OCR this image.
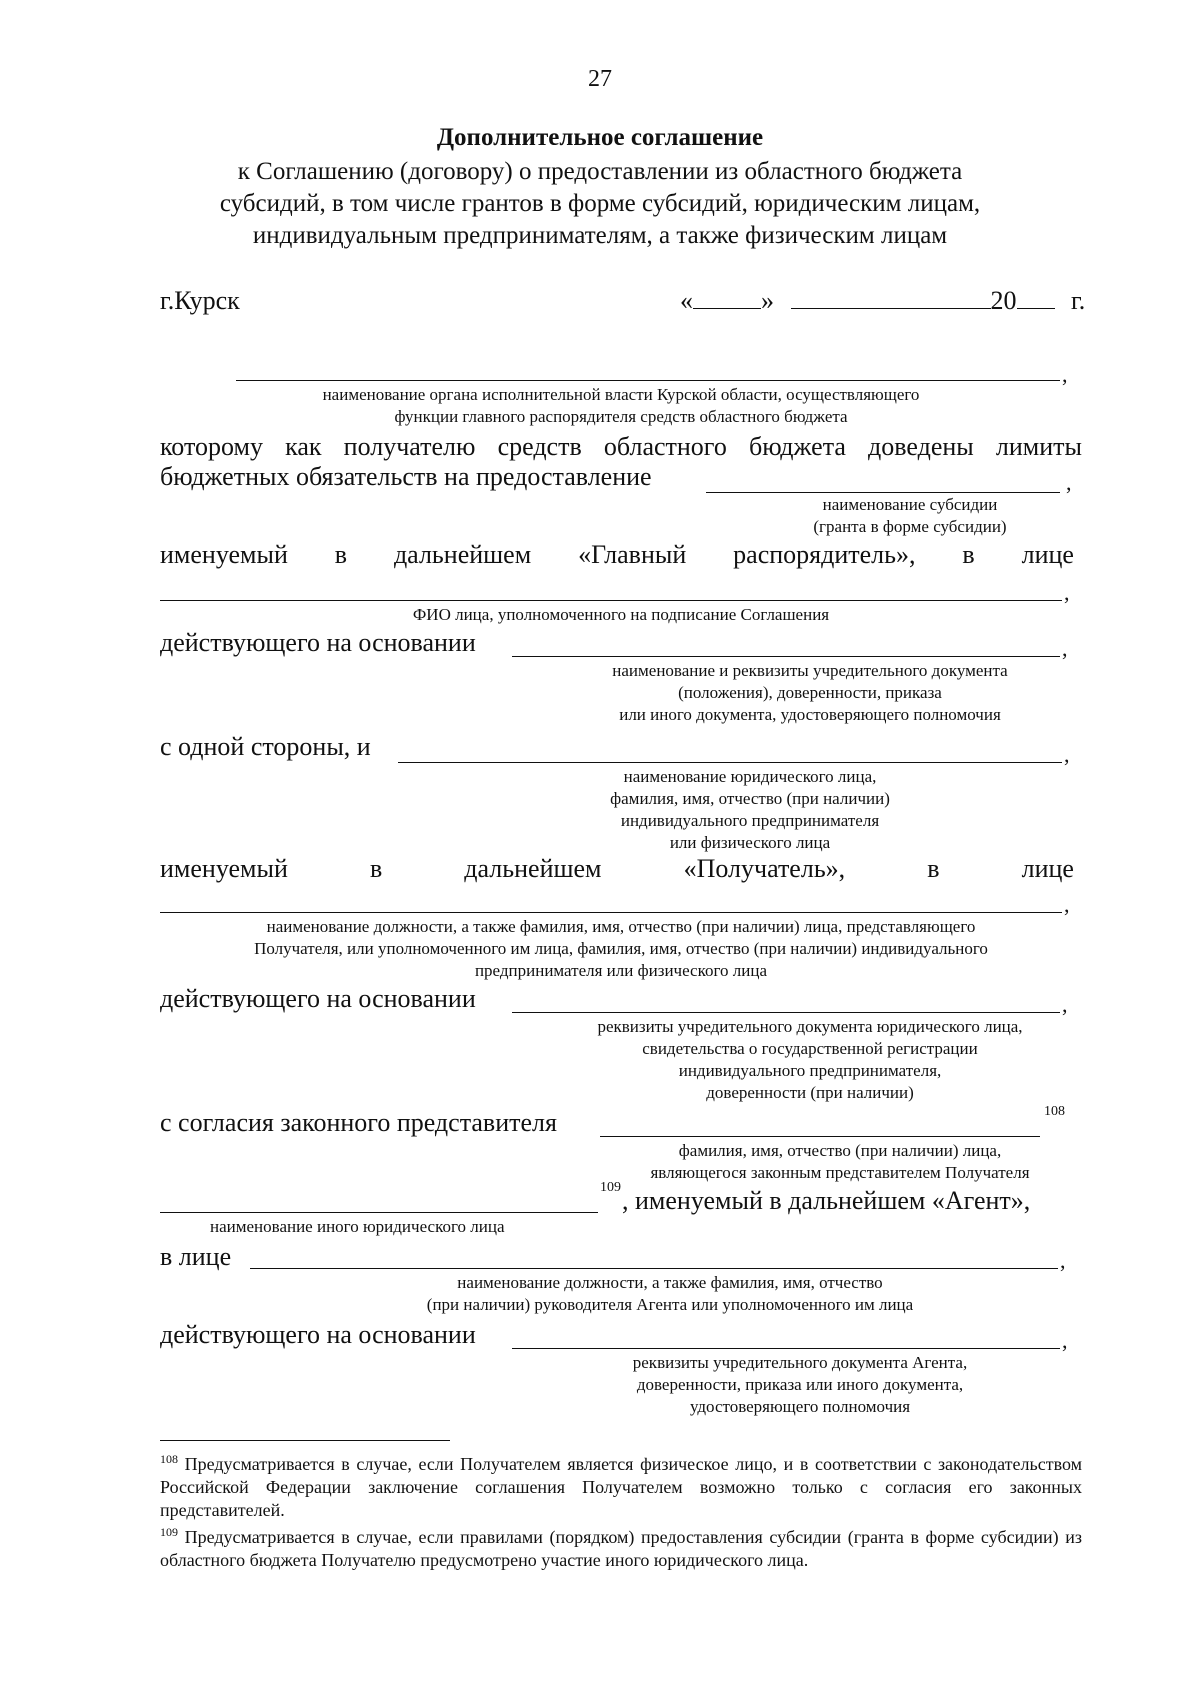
27
Дополнительное соглашение
к Соглашению (договору) о предоставлении из областного бюджета
субсидий, в том числе грантов в форме субсидий, юридическим лицам,
индивидуальным предпринимателям, а также физическим лицам
г.Курск	«	»	20 г.
,
наименование органа исполнительной власти Курской области, осуществляющего
функции главного распорядителя средств областного бюджета
которому как получателю средств областного бюджета доведены лимиты
бюджетных обязательств на предоставление	,
наименование субсидии
(гранта в форме субсидии)
именуемый в дальнейшем «Главный распорядитель», в лице
,
ФИО лица, уполномоченного на подписание Соглашения
действующего на основании	,
наименование и реквизиты учредительного документа
(положения), доверенности, приказа
или иного документа, удостоверяющего полномочия
с одной стороны, и	,
наименование юридического лица,
фамилия, имя, отчество (при наличии)
индивидуального предпринимателя
или физического лица
именуемый	в	дальнейшем	«Получатель»,	в	лице
,
наименование должности, а также фамилия, имя, отчество (при наличии) лица, представляющего
Получателя, или уполномоченного им лица, фамилия, имя, отчество (при наличии) индивидуального
предпринимателя или физического лица
действующего на основании	,
реквизиты учредительного документа юридического лица,
свидетельства о государственной регистрации
индивидуального предпринимателя,
доверенности (при наличии)
с согласия законного представителя	108
фамилия, имя, отчество (при наличии) лица,
являющегося законным представителем Получателя
109 , именуемый в дальнейшем «Агент»,
наименование иного юридического лица
в лице	,
наименование должности, а также фамилия, имя, отчество
(при наличии) руководителя Агента или уполномоченного им лица
действующего на основании	,
реквизиты учредительного документа Агента,
доверенности, приказа или иного документа,
удостоверяющего полномочия
$^{108}$ Предусматривается в случае, если Получателем является физическое лицо, и в соответствии с законодательством Российской Федерации заключение соглашения Получателем возможно только с согласия его законных представителей.
$^{109}$ Предусматривается в случае, если правилами (порядком) предоставления субсидии (гранта в форме субсидии) из областного бюджета Получателю предусмотрено участие иного юридического лица.
